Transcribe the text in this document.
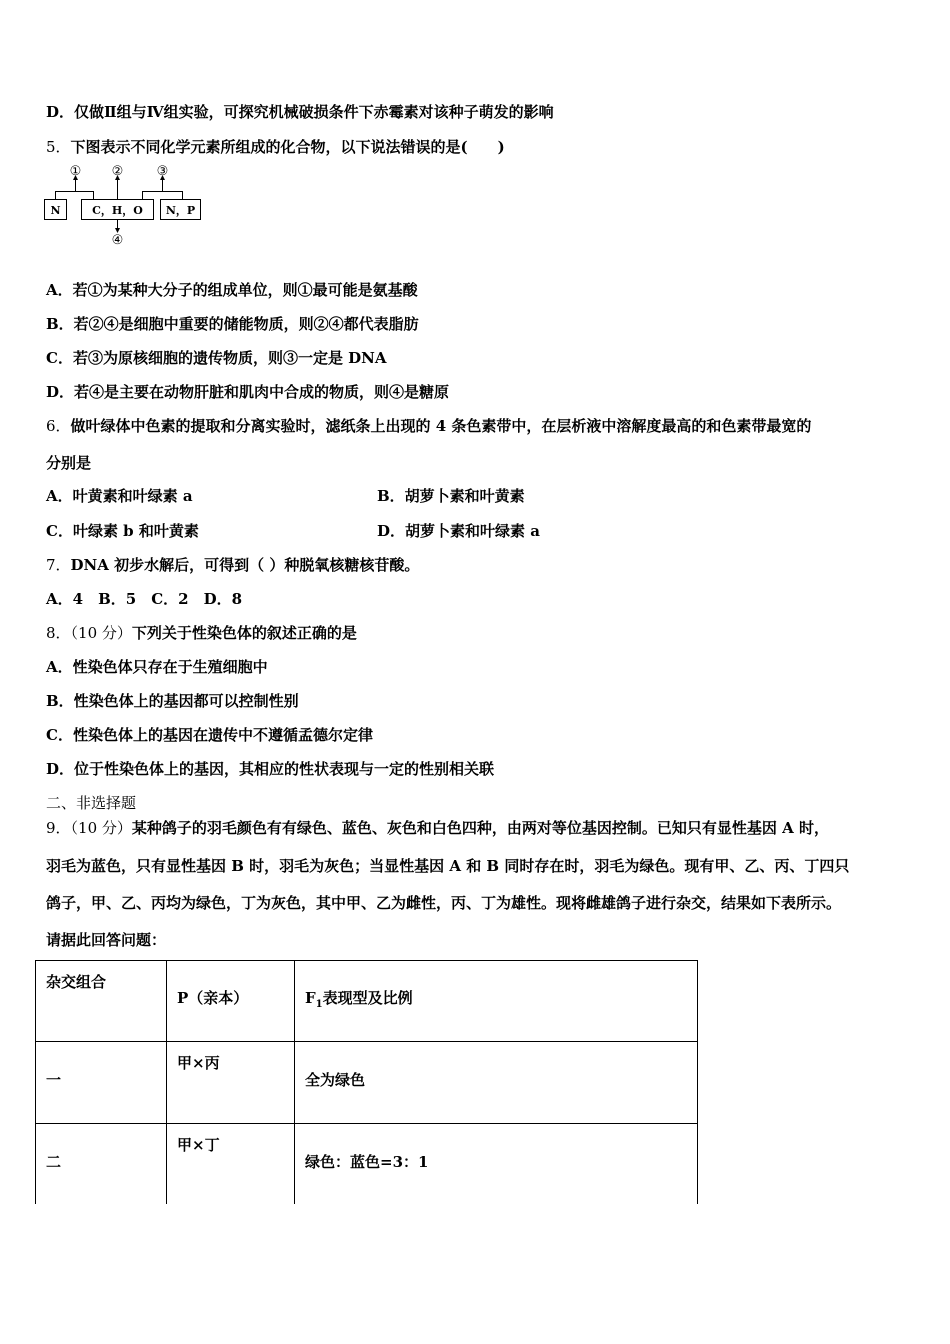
D．仅做Ⅱ组与Ⅳ组实验，可探究机械破损条件下赤霉素对该种子萌发的影响
5．下图表示不同化学元素所组成的化合物，以下说法错误的是(　　)
N	C，H，O N，P
① ②	③
④
A．若①为某种大分子的组成单位，则①最可能是氨基酸
B．若②④是细胞中重要的储能物质，则②④都代表脂肪
C．若③为原核细胞的遗传物质，则③一定是 DNA
D．若④是主要在动物肝脏和肌肉中合成的物质，则④是糖原
6．做叶绿体中色素的提取和分离实验时，滤纸条上出现的 4 条色素带中，在层析液中溶解度最高的和色素带最宽的
分别是
A．叶黄素和叶绿素 a	B．胡萝卜素和叶黄素
C．叶绿素 b 和叶黄素	D．胡萝卜素和叶绿素 a
7．DNA 初步水解后，可得到（ ）种脱氧核糖核苷酸。
A．4　B．5　C．2　D．8
8．（10 分）下列关于性染色体的叙述正确的是
A．性染色体只存在于生殖细胞中
B．性染色体上的基因都可以控制性别
C．性染色体上的基因在遗传中不遵循孟德尔定律
D．位于性染色体上的基因，其相应的性状表现与一定的性别相关联
二、非选择题
9．（10 分）某种鸽子的羽毛颜色有有绿色、蓝色、灰色和白色四种，由两对等位基因控制。已知只有显性基因 A 时，
羽毛为蓝色，只有显性基因 B 时，羽毛为灰色；当显性基因 A 和 B 同时存在时，羽毛为绿色。现有甲、乙、丙、丁四只
鸽子，甲、乙、丙均为绿色，丁为灰色，其中甲、乙为雌性，丙、丁为雄性。现将雌雄鸽子进行杂交，结果如下表所示。
请据此回答问题：
杂交组合	P（亲本）	$F_1$表现型及比例

一	甲×丙	全为绿色

二	甲×丁	绿色：蓝色=3：1
